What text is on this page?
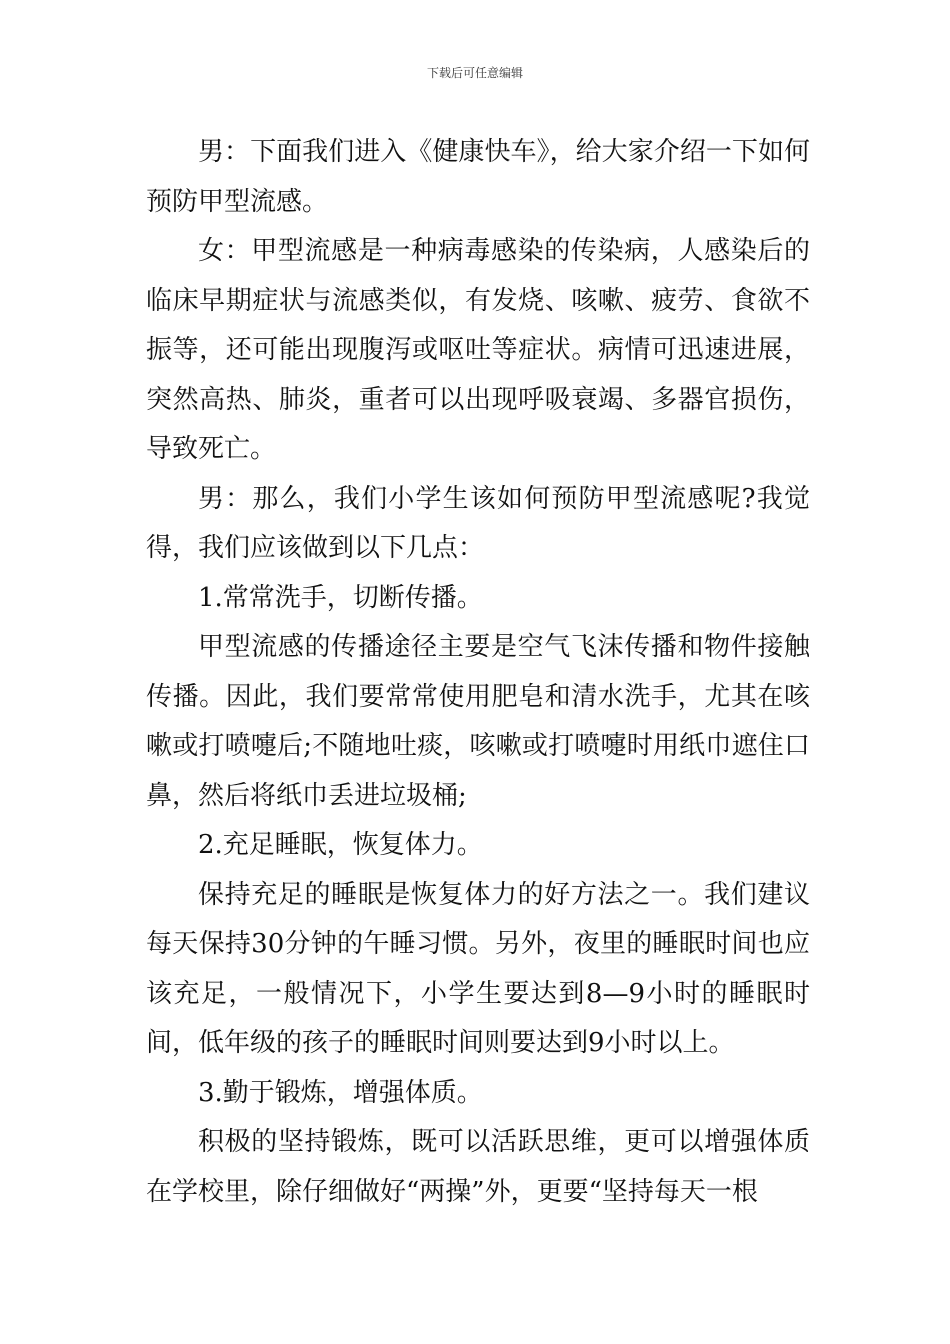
下载后可任意编辑

男：下面我们进入《健康快车》，给大家介绍一下如何预防甲型流感。

女：甲型流感是一种病毒感染的传染病，人感染后的临床早期症状与流感类似，有发烧、咳嗽、疲劳、食欲不振等，还可能出现腹泻或呕吐等症状。病情可迅速进展，突然高热、肺炎，重者可以出现呼吸衰竭、多器官损伤，导致死亡。

男：那么，我们小学生该如何预防甲型流感呢?我觉得，我们应该做到以下几点：

1.常常洗手，切断传播。

甲型流感的传播途径主要是空气飞沫传播和物件接触传播。因此，我们要常常使用肥皂和清水洗手，尤其在咳嗽或打喷嚏后;不随地吐痰，咳嗽或打喷嚏时用纸巾遮住口鼻，然后将纸巾丢进垃圾桶;

2.充足睡眠，恢复体力。

保持充足的睡眠是恢复体力的好方法之一。我们建议每天保持30分钟的午睡习惯。另外，夜里的睡眠时间也应该充足，一般情况下，小学生要达到8—9小时的睡眠时间，低年级的孩子的睡眠时间则要达到9小时以上。

3.勤于锻炼，增强体质。

积极的坚持锻炼，既可以活跃思维，更可以增强体质在学校里，除仔细做好“两操”外，更要“坚持每天一根
